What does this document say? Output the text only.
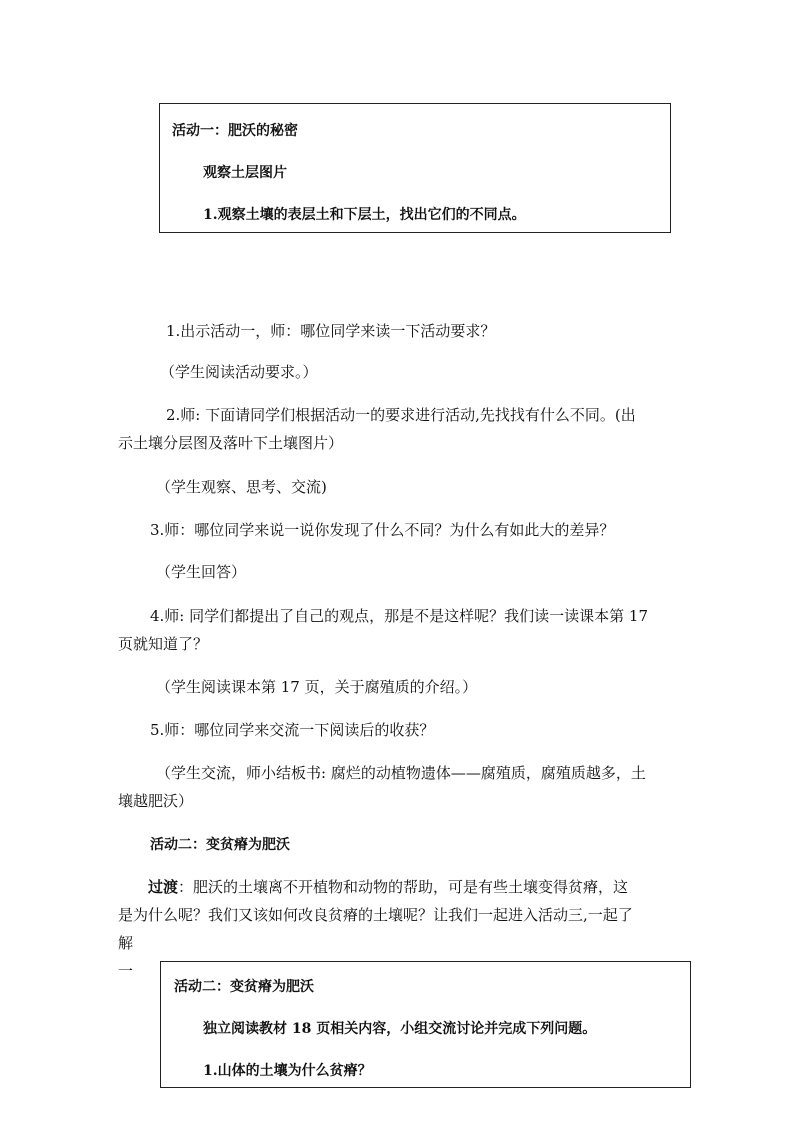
活动一：肥沃的秘密
观察土层图片
1.观察土壤的表层土和下层土，找出它们的不同点。
1.出示活动一，师：哪位同学来读一下活动要求？
（学生阅读活动要求。）
2.师: 下面请同学们根据活动一的要求进行活动,先找找有什么不同。(出
示土壤分层图及落叶下土壤图片）
（学生观察、思考、交流)
3.师：哪位同学来说一说你发现了什么不同？为什么有如此大的差异？
（学生回答）
4.师: 同学们都提出了自己的观点，那是不是这样呢？我们读一读课本第 17
页就知道了？
（学生阅读课本第 17 页，关于腐殖质的介绍。）
5.师：哪位同学来交流一下阅读后的收获？
（学生交流，师小结板书: 腐烂的动植物遗体——腐殖质，腐殖质越多，土
壤越肥沃）
活动二：变贫瘠为肥沃
过渡：肥沃的土壤离不开植物和动物的帮助，可是有些土壤变得贫瘠，这
是为什么呢？我们又该如何改良贫瘠的土壤呢？让我们一起进入活动三,一起了
解
一
活动二：变贫瘠为肥沃
独立阅读教材 18 页相关内容，小组交流讨论并完成下列问题。
1.山体的土壤为什么贫瘠？
